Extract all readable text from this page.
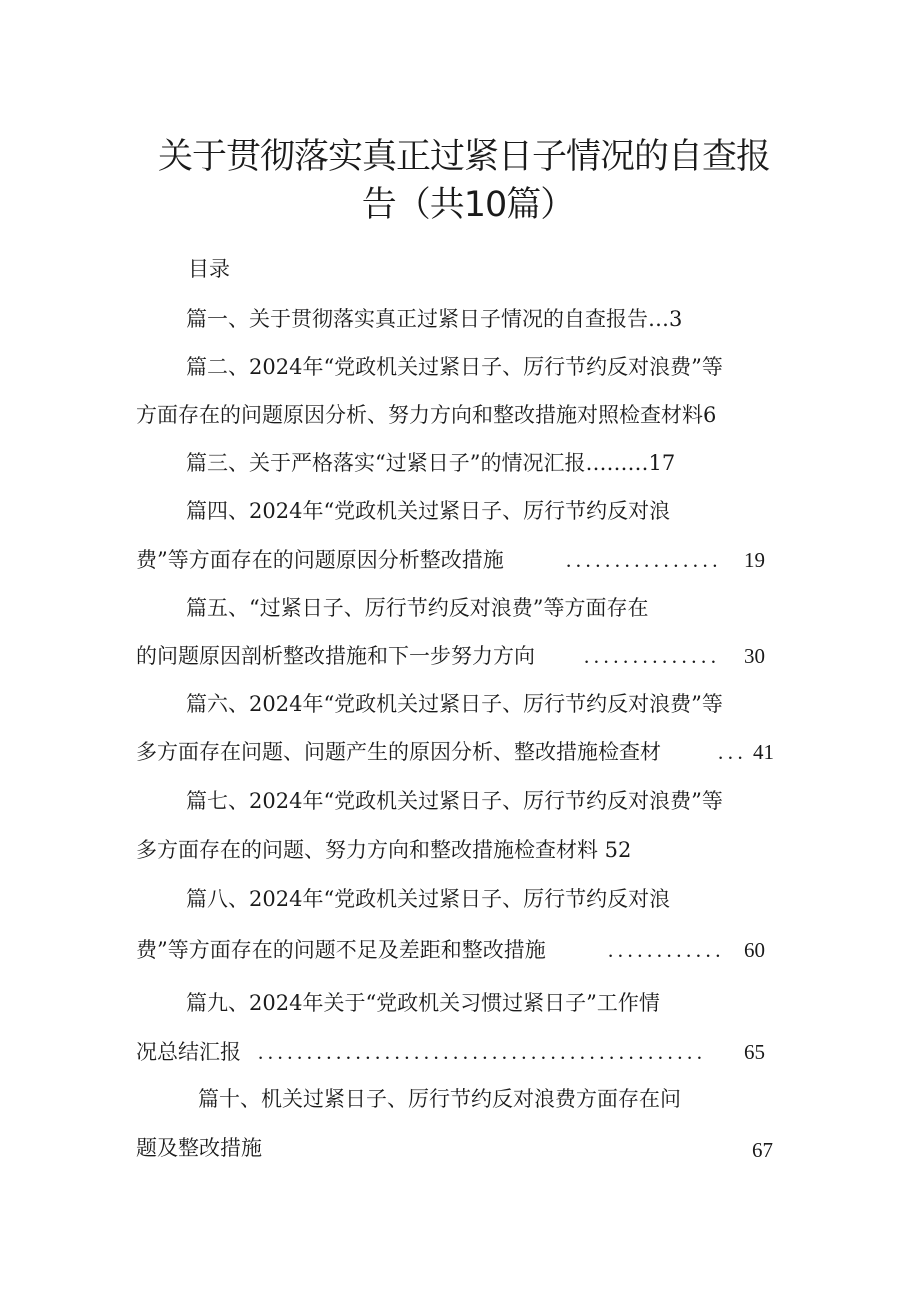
关于贯彻落实真正过紧日子情况的自查报
告（共10篇）
目录
篇一、关于贯彻落实真正过紧日子情况的自查报告…3
篇二、2024年“党政机关过紧日子、厉行节约反对浪费”等
方面存在的问题原因分析、努力方向和整改措施对照检查材料6
篇三、关于严格落实“过紧日子”的情况汇报………17
篇四、2024年“党政机关过紧日子、厉行节约反对浪
费”等方面存在的问题原因分析整改措施	................	19
篇五、“过紧日子、厉行节约反对浪费”等方面存在
的问题原因剖析整改措施和下一步努力方向 ..............	30
篇六、2024年“党政机关过紧日子、厉行节约反对浪费”等
多方面存在问题、问题产生的原因分析、整改措施检查材	... 41
篇七、2024年“党政机关过紧日子、厉行节约反对浪费”等
多方面存在的问题、努力方向和整改措施检查材料 52
篇八、2024年“党政机关过紧日子、厉行节约反对浪
费”等方面存在的问题不足及差距和整改措施	............ 60
篇九、2024年关于“党政机关习惯过紧日子”工作情
况总结汇报 ..............................................	65
篇十、机关过紧日子、厉行节约反对浪费方面存在问
题及整改措施	67
